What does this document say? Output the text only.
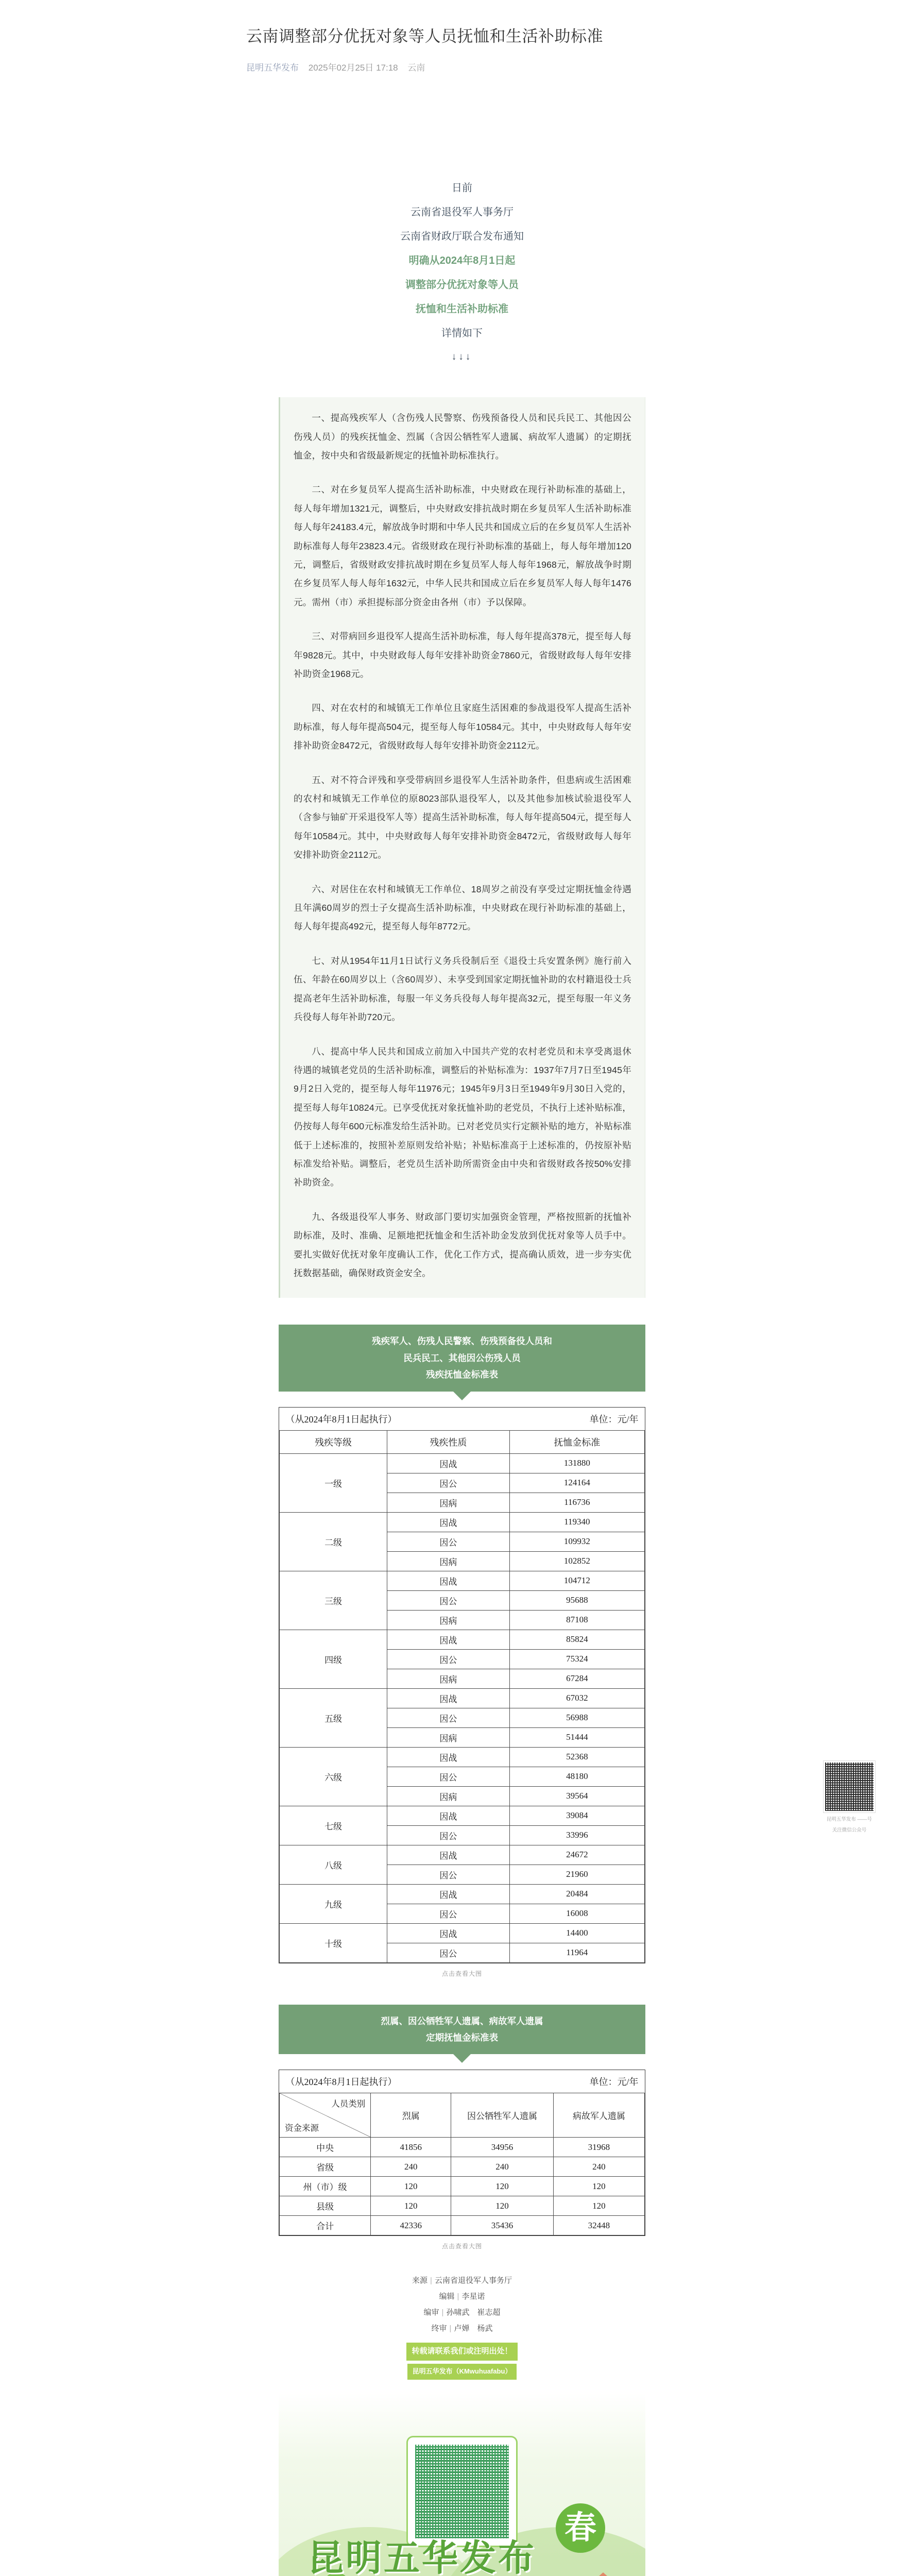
云南调整部分优抚对象等人员抚恤和生活补助标准
昆明五华发布 2025年02月25日 17:18 云南
日前
云南省退役军人事务厅
云南省财政厅联合发布通知
明确从2024年8月1日起
调整部分优抚对象等人员
抚恤和生活补助标准
详情如下
↓↓↓

一、提高残疾军人（含伤残人民警察、伤残预备役人员和民兵民工、其他因公伤残人员）的残疾抚恤金、烈属（含因公牺牲军人遗属、病故军人遗属）的定期抚恤金，按中央和省级最新规定的抚恤补助标准执行。

二、对在乡复员军人提高生活补助标准，中央财政在现行补助标准的基础上，每人每年增加1321元，调整后，中央财政安排抗战时期在乡复员军人生活补助标准每人每年24183.4元，解放战争时期和中华人民共和国成立后的在乡复员军人生活补助标准每人每年23823.4元。省级财政在现行补助标准的基础上，每人每年增加120元，调整后，省级财政安排抗战时期在乡复员军人每人每年1968元，解放战争时期在乡复员军人每人每年1632元，中华人民共和国成立后在乡复员军人每人每年1476元。需州（市）承担提标部分资金由各州（市）予以保障。

三、对带病回乡退役军人提高生活补助标准，每人每年提高378元，提至每人每年9828元。其中，中央财政每人每年安排补助资金7860元，省级财政每人每年安排补助资金1968元。

四、对在农村的和城镇无工作单位且家庭生活困难的参战退役军人提高生活补助标准，每人每年提高504元，提至每人每年10584元。其中，中央财政每人每年安排补助资金8472元，省级财政每人每年安排补助资金2112元。

五、对不符合评残和享受带病回乡退役军人生活补助条件，但患病或生活困难的农村和城镇无工作单位的原8023部队退役军人，以及其他参加核试验退役军人（含参与铀矿开采退役军人等）提高生活补助标准，每人每年提高504元，提至每人每年10584元。其中，中央财政每人每年安排补助资金8472元，省级财政每人每年安排补助资金2112元。

六、对居住在农村和城镇无工作单位、18周岁之前没有享受过定期抚恤金待遇且年满60周岁的烈士子女提高生活补助标准，中央财政在现行补助标准的基础上，每人每年提高492元，提至每人每年8772元。

七、对从1954年11月1日试行义务兵役制后至《退役士兵安置条例》施行前入伍、年龄在60周岁以上（含60周岁）、未享受到国家定期抚恤补助的农村籍退役士兵提高老年生活补助标准，每服一年义务兵役每人每年提高32元，提至每服一年义务兵役每人每年补助720元。

八、提高中华人民共和国成立前加入中国共产党的农村老党员和未享受离退休待遇的城镇老党员的生活补助标准，调整后的补贴标准为：1937年7月7日至1945年9月2日入党的，提至每人每年11976元；1945年9月3日至1949年9月30日入党的，提至每人每年10824元。已享受优抚对象抚恤补助的老党员，不执行上述补贴标准，仍按每人每年600元标准发给生活补助。已对老党员实行定额补贴的地方，补贴标准低于上述标准的，按照补差原则发给补贴；补贴标准高于上述标准的，仍按原补贴标准发给补贴。调整后，老党员生活补助所需资金由中央和省级财政各按50%安排补助资金。

九、各级退役军人事务、财政部门要切实加强资金管理，严格按照新的抚恤补助标准，及时、准确、足额地把抚恤金和生活补助金发放到优抚对象等人员手中。要扎实做好优抚对象年度确认工作，优化工作方式，提高确认质效，进一步夯实优抚数据基础，确保财政资金安全。

残疾军人、伤残人民警察、伤残预备役人员和
民兵民工、其他因公伤残人员
残疾抚恤金标准表
（从2024年8月1日起执行）		单位：元/年
残疾等级	残疾性质	抚恤金标准
一级	因战	131880
	因公	124164
	因病	116736
二级	因战	119340
	因公	109932
	因病	102852
三级	因战	104712
	因公	95688
	因病	87108
四级	因战	85824
	因公	75324
	因病	67284
五级	因战	67032
	因公	56988
	因病	51444
六级	因战	52368
	因公	48180
	因病	39564
七级	因战	39084
	因公	33996
八级	因战	24672
	因公	21960
九级	因战	20484
	因公	16008
十级	因战	14400
	因公	11964
点击查看大图
烈属、因公牺牲军人遗属、病故军人遗属
定期抚恤金标准表
（从2024年8月1日起执行）			单位：元/年

人员类别
资金来源	烈属	因公牺牲军人遗属	病故军人遗属
中央	41856	34956	31968
省级	240	240	240
州（市）级	120	120	120
县级	120	120	120
合计	42336	35436	32448
点击查看大图
昆明五华发布 ——号
关注微信公众号
来源 | 云南省退役军人事务厅
编辑 | 李星诺
编审 | 孙啸武　崔志超
终审 | 卢婵　杨武
转载请联系我们或注明出处！
昆明五华发布（KMwuhuafabu）
昆明五华发布
春
